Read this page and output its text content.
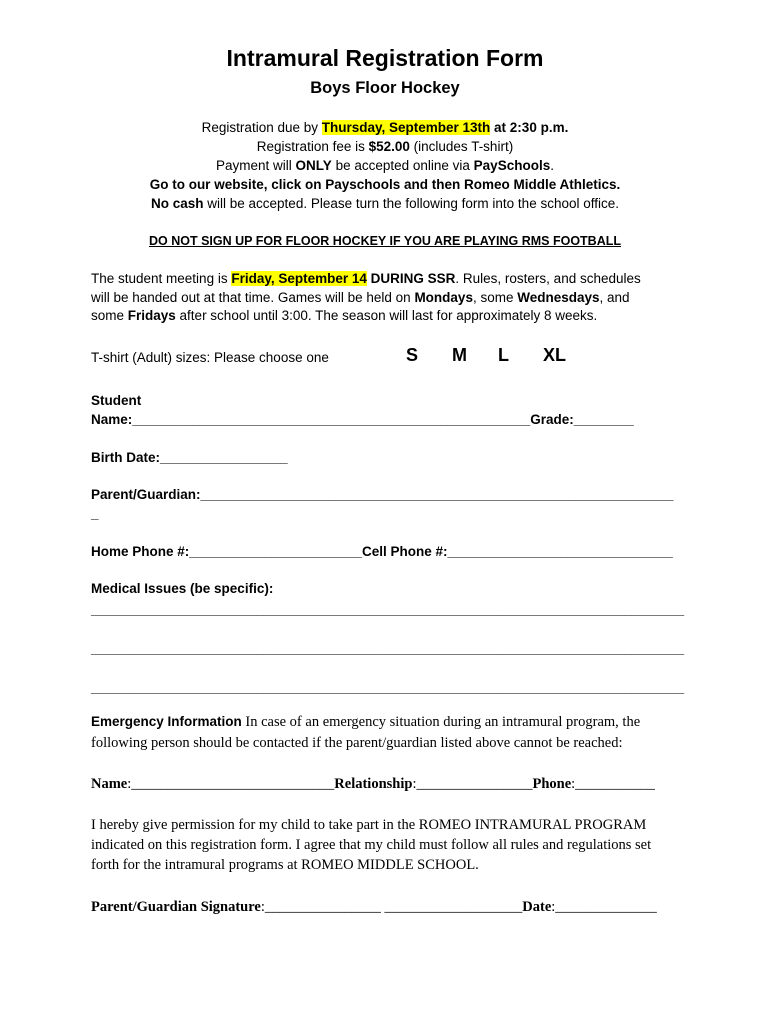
Intramural Registration Form
Boys Floor Hockey
Registration due by Thursday, September 13th at 2:30 p.m.
Registration fee is $52.00 (includes T-shirt)
Payment will ONLY be accepted online via PaySchools.
Go to our website, click on Payschools and then Romeo Middle Athletics.
No cash will be accepted. Please turn the following form into the school office.
DO NOT SIGN UP FOR FLOOR HOCKEY IF YOU ARE PLAYING RMS FOOTBALL
The student meeting is Friday, September 14 DURING SSR. Rules, rosters, and schedules
will be handed out at that time. Games will be held on Mondays, some Wednesdays, and
some Fridays after school until 3:00. The season will last for approximately 8 weeks.
T-shirt (Adult) sizes: Please choose one	S M L XL
Student
Name:_____________________________________________________Grade:________
Birth Date:_________________
Parent/Guardian:_______________________________________________________________
_
Home Phone #:_______________________Cell Phone #:______________________________
Medical Issues (be specific):
_______________________________________________________________________________
_______________________________________________________________________________
_______________________________________________________________________________
Emergency Information In case of an emergency situation during an intramural program, the
following person should be contacted if the parent/guardian listed above cannot be reached:
Name:____________________________Relationship:________________Phone:___________
I hereby give permission for my child to take part in the ROMEO INTRAMURAL PROGRAM
indicated on this registration form. I agree that my child must follow all rules and regulations set
forth for the intramural programs at ROMEO MIDDLE SCHOOL.
Parent/Guardian Signature:________________ ___________________Date:______________
